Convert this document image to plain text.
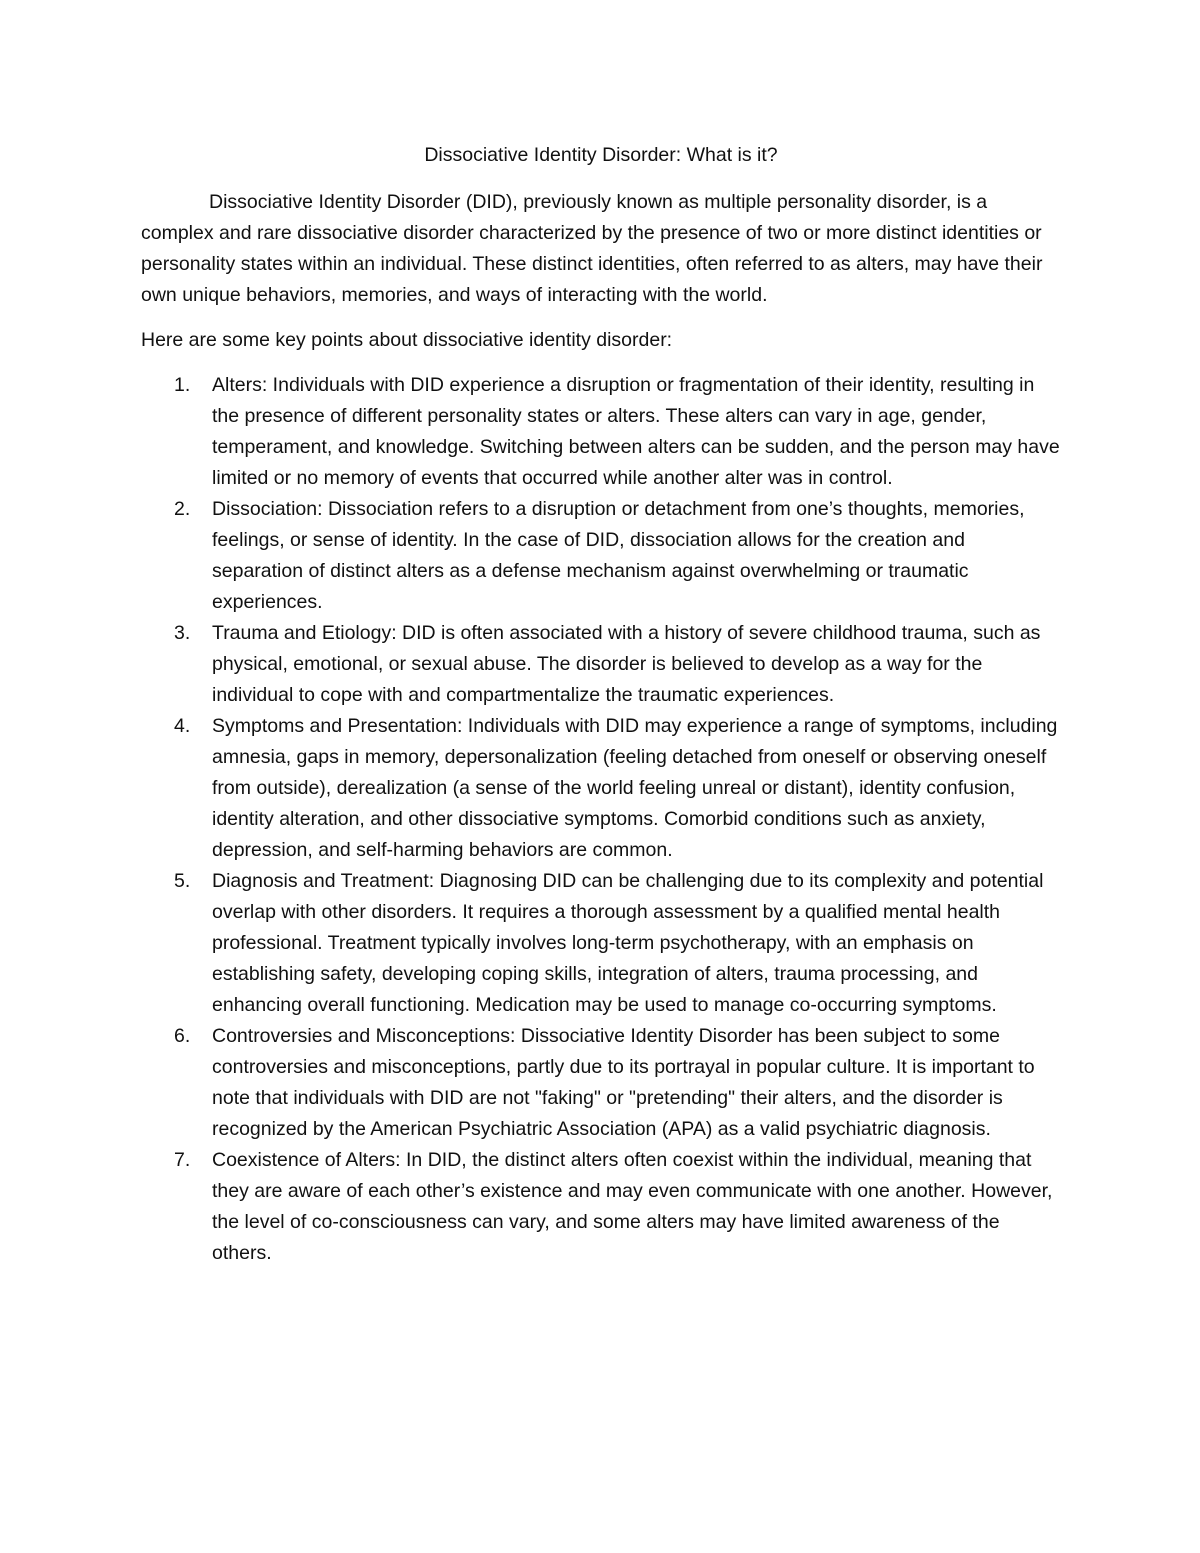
Dissociative Identity Disorder: What is it?

Dissociative Identity Disorder (DID), previously known as multiple personality disorder, is a complex and rare dissociative disorder characterized by the presence of two or more distinct identities or personality states within an individual. These distinct identities, often referred to as alters, may have their own unique behaviors, memories, and ways of interacting with the world.

Here are some key points about dissociative identity disorder:

1. Alters: Individuals with DID experience a disruption or fragmentation of their identity, resulting in the presence of different personality states or alters. These alters can vary in age, gender, temperament, and knowledge. Switching between alters can be sudden, and the person may have limited or no memory of events that occurred while another alter was in control.
2. Dissociation: Dissociation refers to a disruption or detachment from one’s thoughts, memories, feelings, or sense of identity. In the case of DID, dissociation allows for the creation and separation of distinct alters as a defense mechanism against overwhelming or traumatic experiences.
3. Trauma and Etiology: DID is often associated with a history of severe childhood trauma, such as physical, emotional, or sexual abuse. The disorder is believed to develop as a way for the individual to cope with and compartmentalize the traumatic experiences.
4. Symptoms and Presentation: Individuals with DID may experience a range of symptoms, including amnesia, gaps in memory, depersonalization (feeling detached from oneself or observing oneself from outside), derealization (a sense of the world feeling unreal or distant), identity confusion, identity alteration, and other dissociative symptoms. Comorbid conditions such as anxiety, depression, and self-harming behaviors are common.
5. Diagnosis and Treatment: Diagnosing DID can be challenging due to its complexity and potential overlap with other disorders. It requires a thorough assessment by a qualified mental health professional. Treatment typically involves long-term psychotherapy, with an emphasis on establishing safety, developing coping skills, integration of alters, trauma processing, and enhancing overall functioning. Medication may be used to manage co-occurring symptoms.
6. Controversies and Misconceptions: Dissociative Identity Disorder has been subject to some controversies and misconceptions, partly due to its portrayal in popular culture. It is important to note that individuals with DID are not "faking" or "pretending" their alters, and the disorder is recognized by the American Psychiatric Association (APA) as a valid psychiatric diagnosis.
7. Coexistence of Alters: In DID, the distinct alters often coexist within the individual, meaning that they are aware of each other’s existence and may even communicate with one another. However, the level of co-consciousness can vary, and some alters may have limited awareness of the others.
